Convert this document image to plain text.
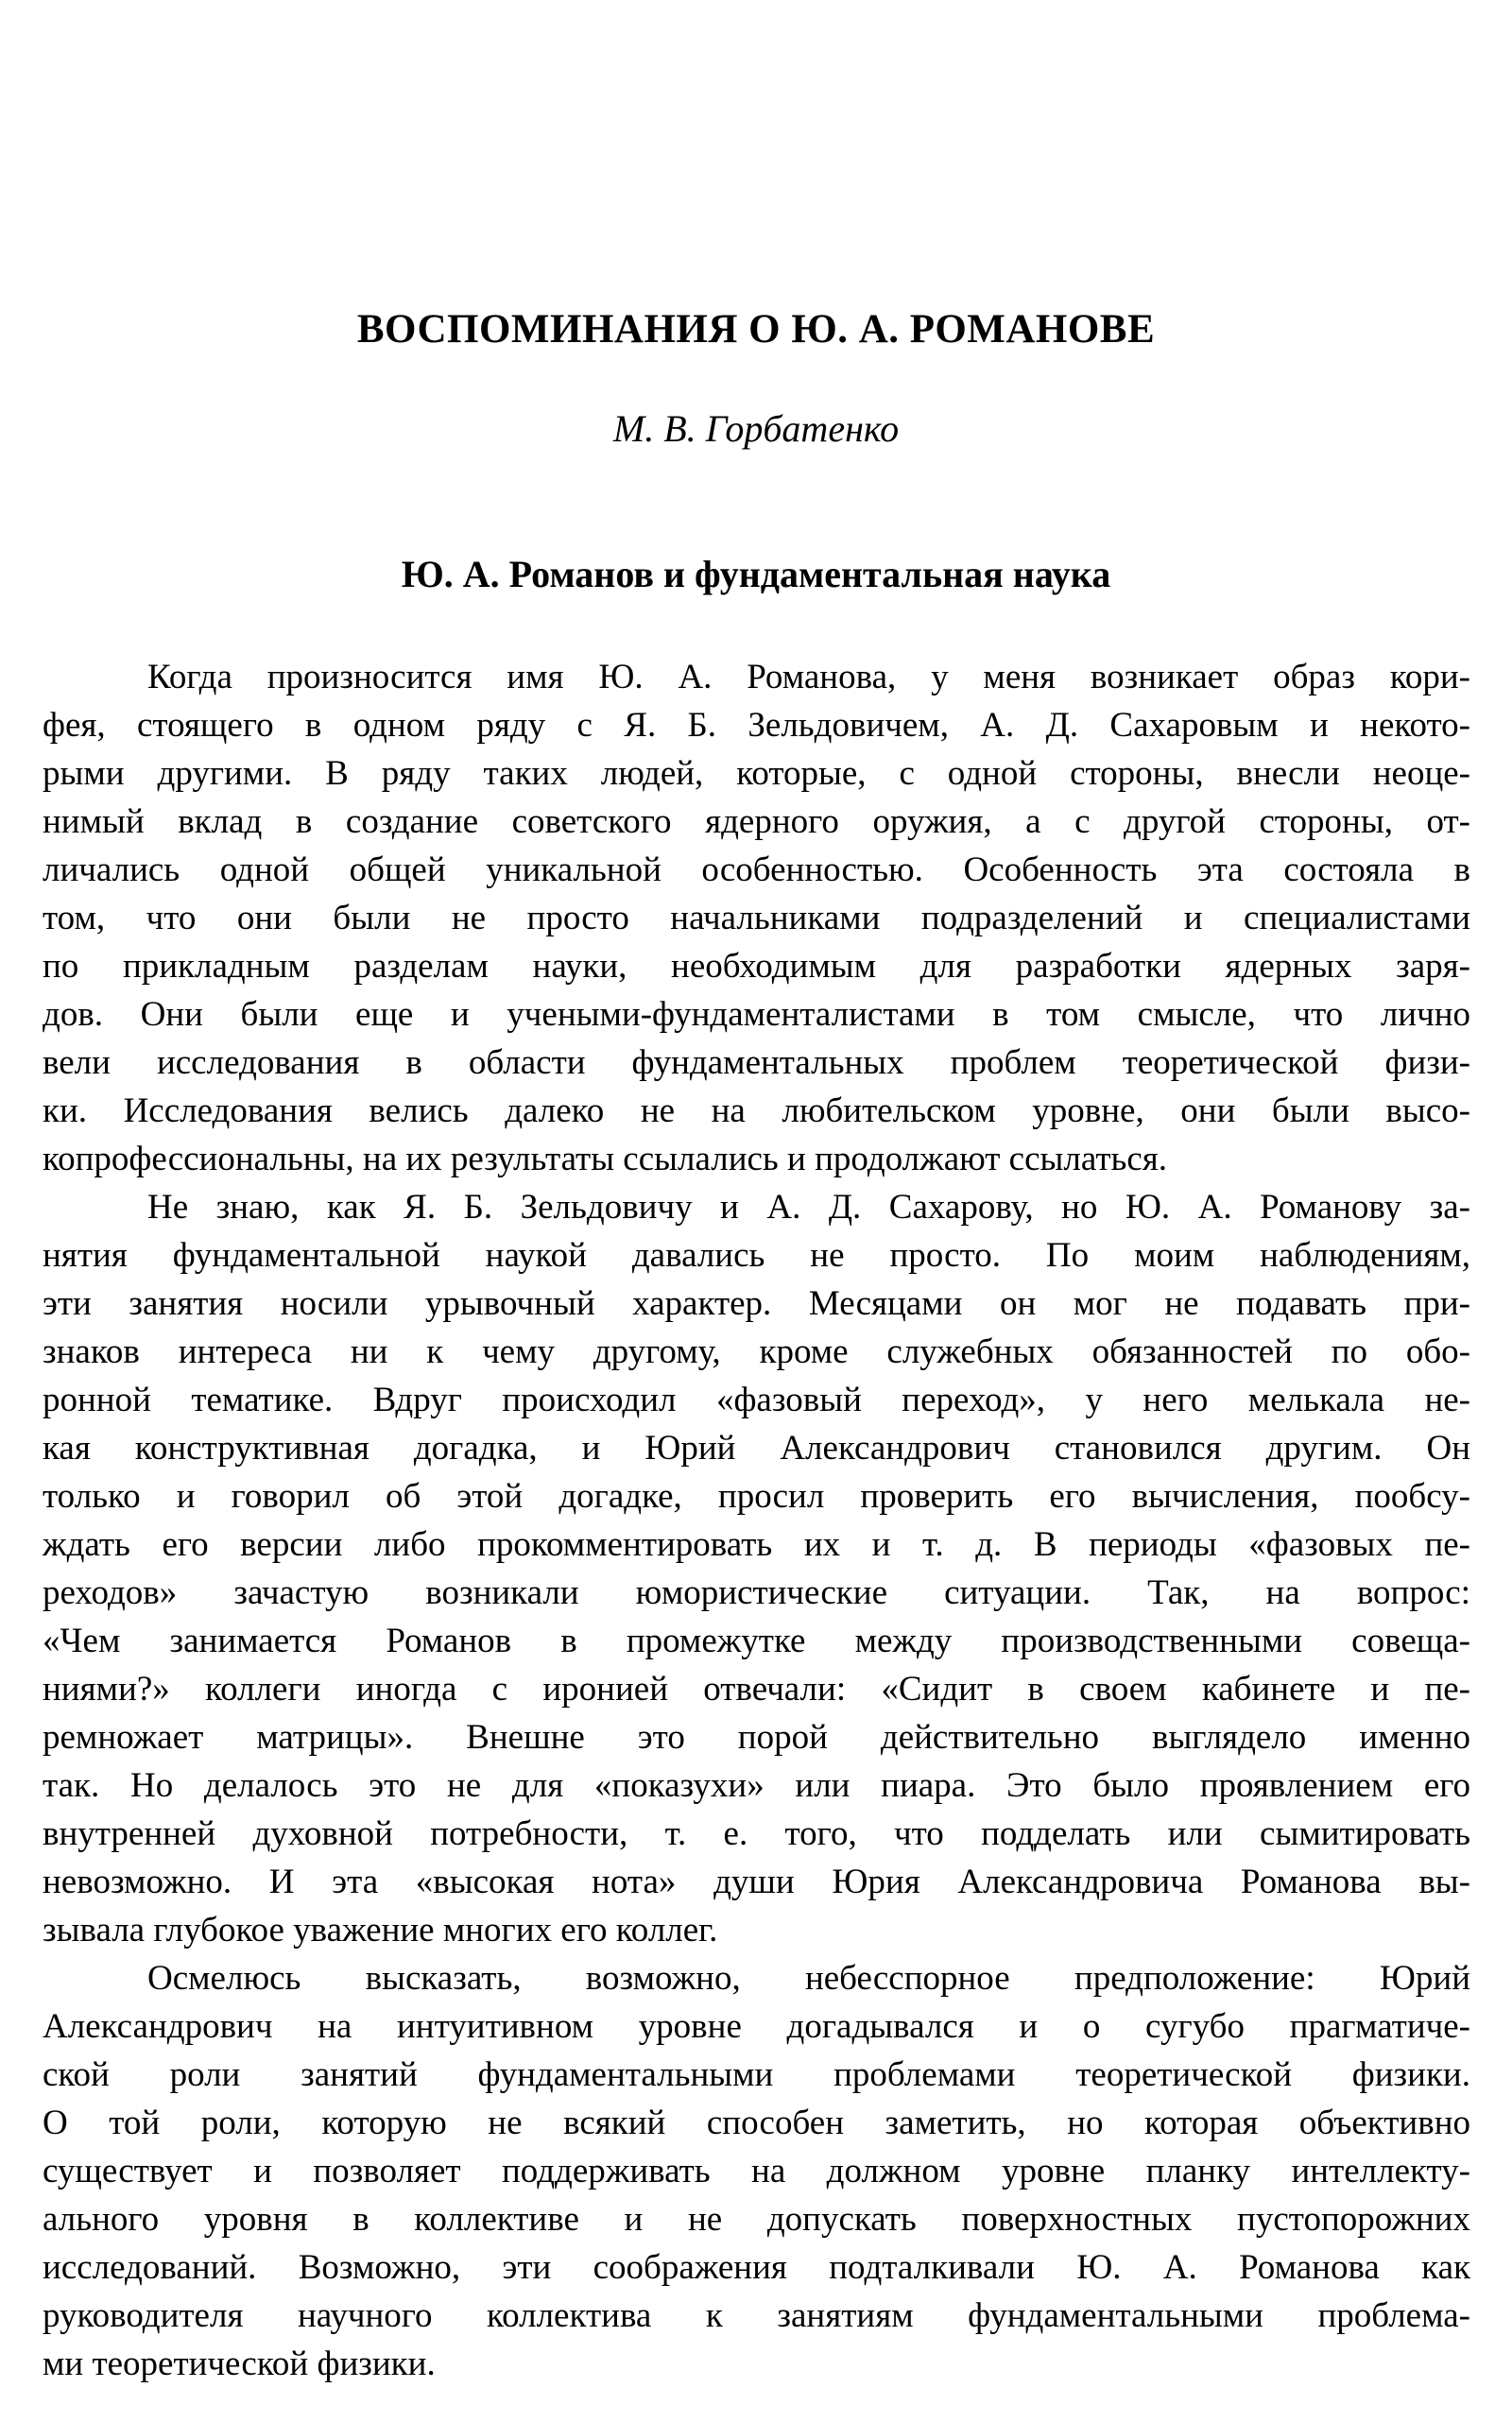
ВОСПОМИНАНИЯ О Ю. А. РОМАНОВЕ
М. В. Горбатенко
Ю. А. Романов и фундаментальная наука
Когда произносится имя Ю. А. Романова, у меня возникает образ кори-
фея, стоящего в одном ряду с Я. Б. Зельдовичем, А. Д. Сахаровым и некото-
рыми другими. В ряду таких людей, которые, с одной стороны, внесли неоце-
нимый вклад в создание советского ядерного оружия, а с другой стороны, от-
личались одной общей уникальной особенностью. Особенность эта состояла в
том, что они были не просто начальниками подразделений и специалистами
по прикладным разделам науки, необходимым для разработки ядерных заря-
дов. Они были еще и учеными-фундаменталистами в том смысле, что лично
вели исследования в области фундаментальных проблем теоретической физи-
ки. Исследования велись далеко не на любительском уровне, они были высо-
копрофессиональны, на их результаты ссылались и продолжают ссылаться.
Не знаю, как Я. Б. Зельдовичу и А. Д. Сахарову, но Ю. А. Романову за-
нятия фундаментальной наукой давались не просто. По моим наблюдениям,
эти занятия носили урывочный характер. Месяцами он мог не подавать при-
знаков интереса ни к чему другому, кроме служебных обязанностей по обо-
ронной тематике. Вдруг происходил «фазовый переход», у него мелькала не-
кая конструктивная догадка, и Юрий Александрович становился другим. Он
только и говорил об этой догадке, просил проверить его вычисления, пообсу-
ждать его версии либо прокомментировать их и т. д. В периоды «фазовых пе-
реходов» зачастую возникали юмористические ситуации. Так, на вопрос:
«Чем занимается Романов в промежутке между производственными совеща-
ниями?» коллеги иногда с иронией отвечали: «Сидит в своем кабинете и пе-
ремножает матрицы». Внешне это порой действительно выглядело именно
так. Но делалось это не для «показухи» или пиара. Это было проявлением его
внутренней духовной потребности, т. е. того, что подделать или сымитировать
невозможно. И эта «высокая нота» души Юрия Александровича Романова вы-
зывала глубокое уважение многих его коллег.
Осмелюсь высказать, возможно, небесспорное предположение: Юрий
Александрович на интуитивном уровне догадывался и о сугубо прагматиче-
ской роли занятий фундаментальными проблемами теоретической физики.
О той роли, которую не всякий способен заметить, но которая объективно
существует и позволяет поддерживать на должном уровне планку интеллекту-
ального уровня в коллективе и не допускать поверхностных пустопорожних
исследований. Возможно, эти соображения подталкивали Ю. А. Романова как
руководителя научного коллектива к занятиям фундаментальными проблема-
ми теоретической физики.
